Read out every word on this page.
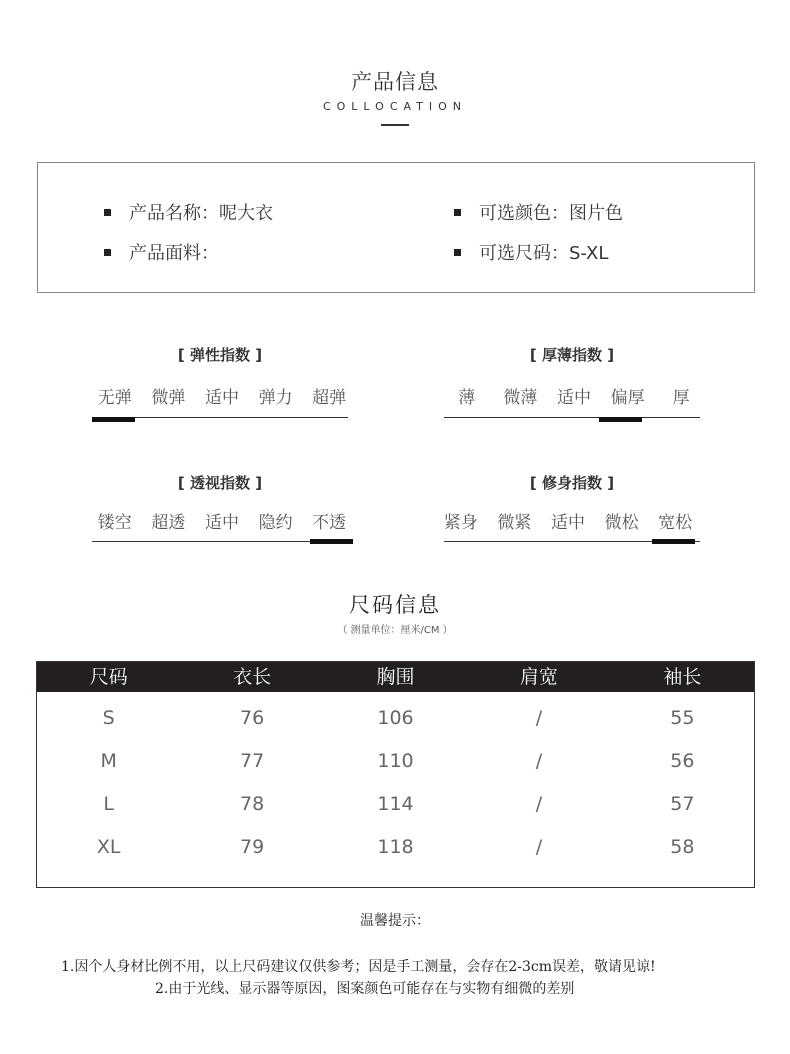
产品信息
COLLOCATION
产品名称：呢大衣
产品面料：
可选颜色：图片色
可选尺码：S-XL
[ 弹性指数 ]
无弹	微弹	适中	弹力	超弹
[ 厚薄指数 ]
薄	微薄	适中	偏厚	厚
[ 透视指数 ]
镂空	超透	适中	隐约	不透
[ 修身指数 ]
紧身	微紧	适中	微松	宽松
尺码信息
（ 测量单位：厘米/CM ）
尺码	衣长	胸围	肩宽	袖长
S	76	106	/	55
M	77	110	/	56
L	78	114	/	57
XL	79	118	/	58
温馨提示：
1.因个人身材比例不用，以上尺码建议仅供参考；因是手工测量，会存在2-3cm误差，敬请见谅!
2.由于光线、显示器等原因，图案颜色可能存在与实物有细微的差别
